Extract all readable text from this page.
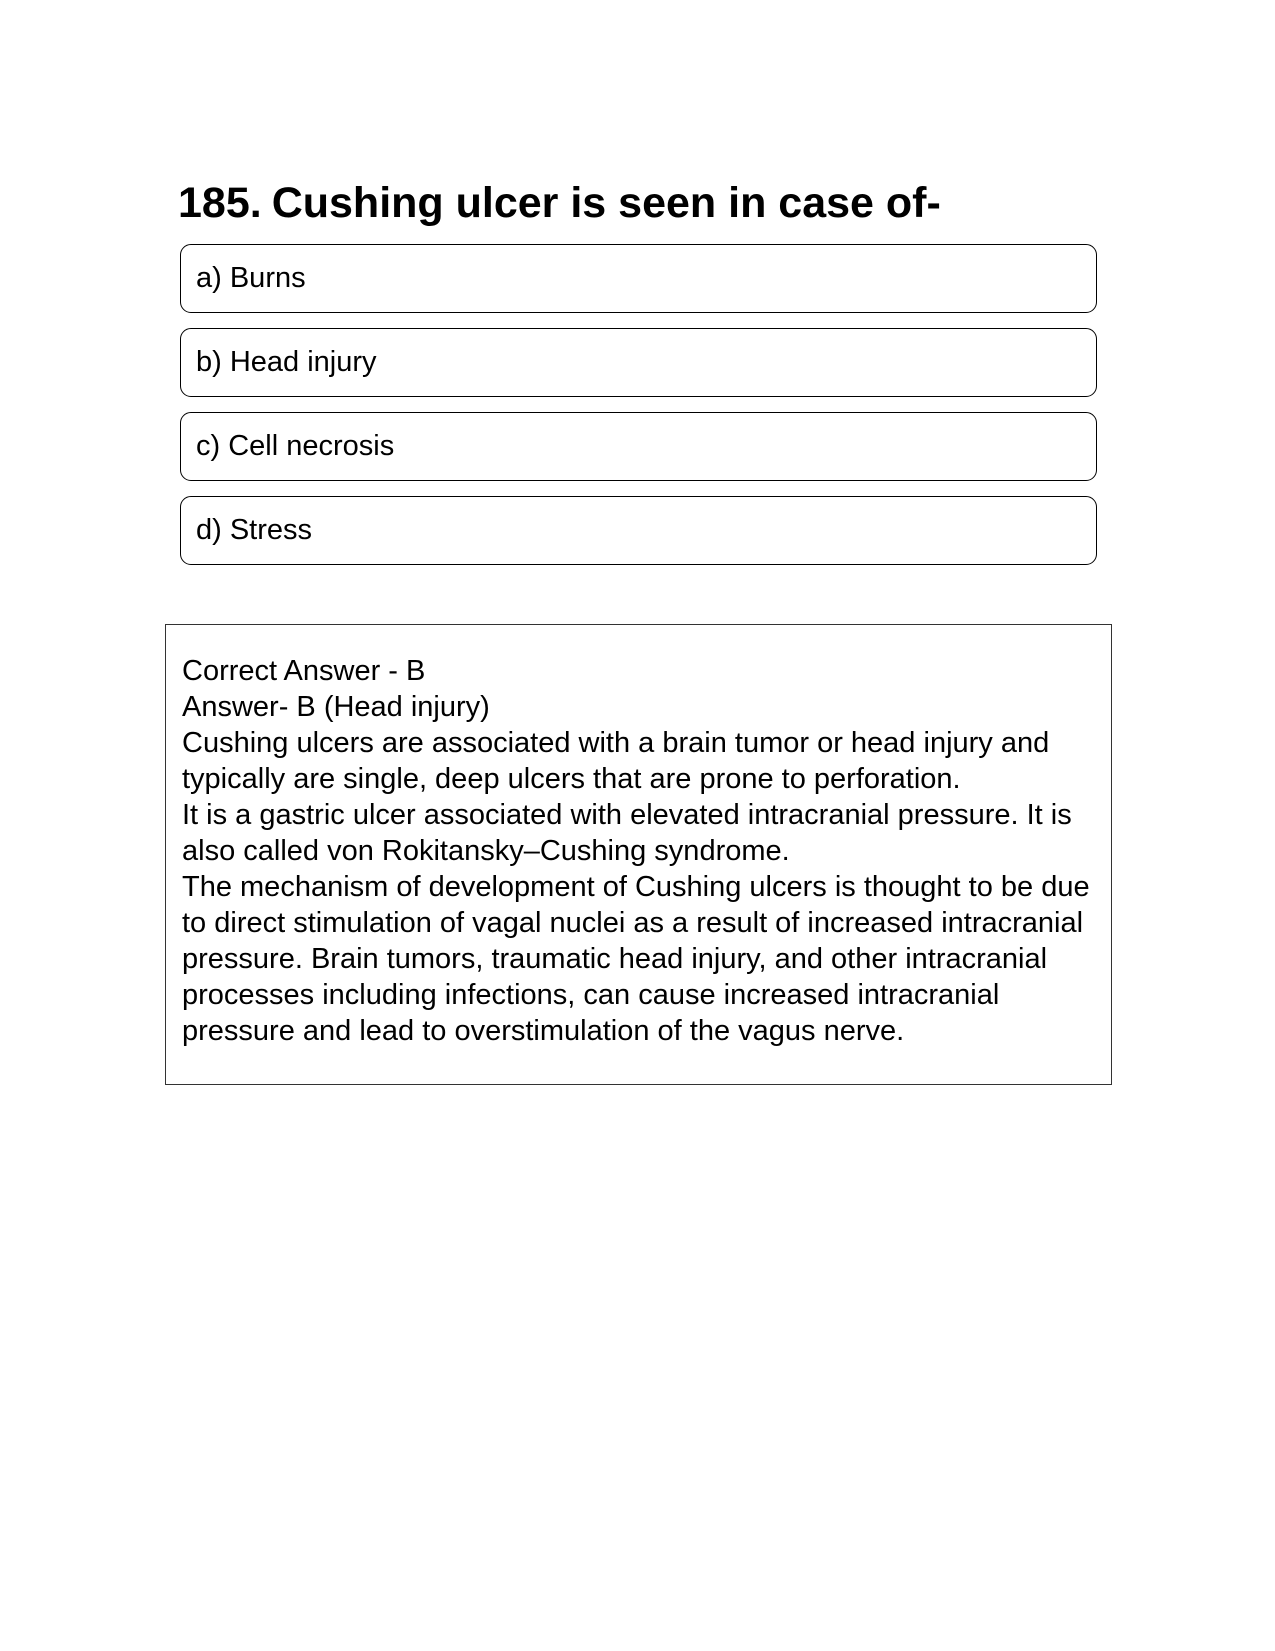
185. Cushing ulcer is seen in case of-
a) Burns
b) Head injury
c) Cell necrosis
d) Stress

Correct Answer - B

Answer- B (Head injury)

Cushing ulcers are associated with a brain tumor or head injury and typically are single, deep ulcers that are prone to perforation.

It is a gastric ulcer associated with elevated intracranial pressure. It is also called von Rokitansky–Cushing syndrome.

The mechanism of development of Cushing ulcers is thought to be due to direct stimulation of vagal nuclei as a result of increased intracranial pressure. Brain tumors, traumatic head injury, and other intracranial processes including infections, can cause increased intracranial pressure and lead to overstimulation of the vagus nerve.
